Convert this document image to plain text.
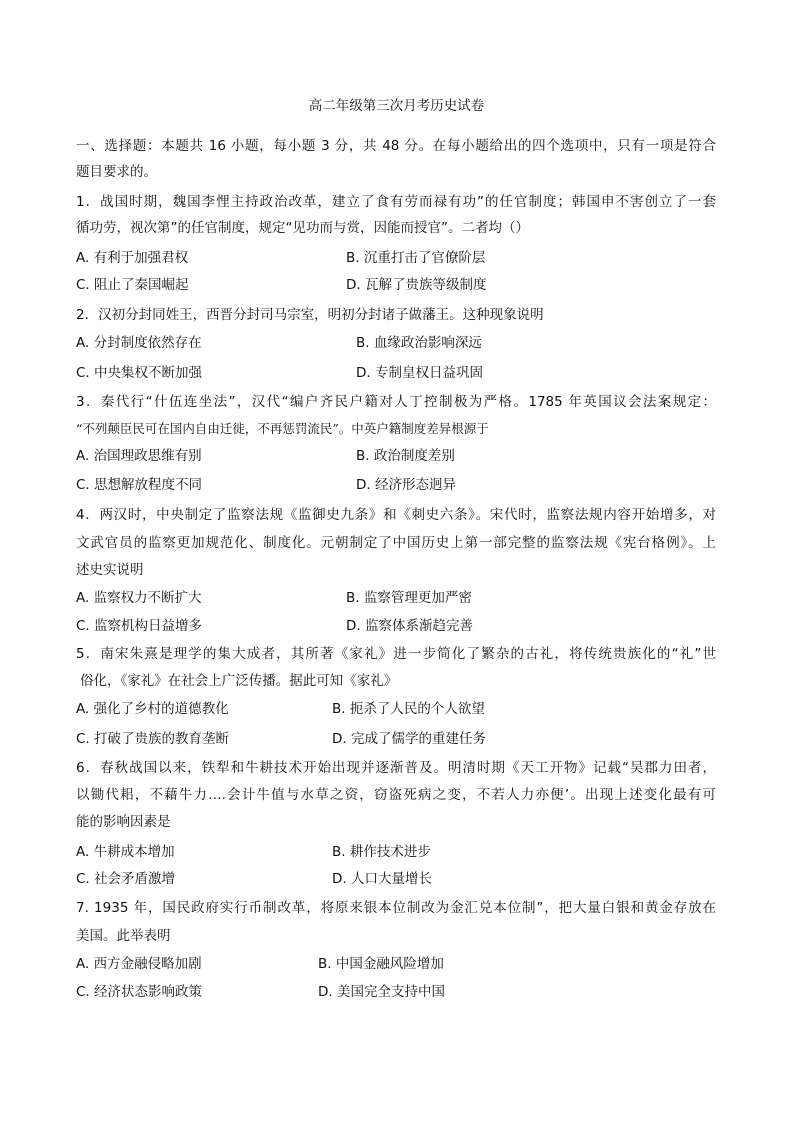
高二年级第三次月考历史试卷
一、选择题：本题共 16 小题，每小题 3 分，共 48 分。在每小题给出的四个选项中，只有一项是符合
题目要求的。
1．战国时期，魏国李悝主持政治改革，建立了食有劳而禄有功”的任官制度；韩国申不害创立了一套
循功劳，视次第”的任官制度，规定“见功而与赏，因能而授官”。二者均（）
A. 有利于加强君权	B. 沉重打击了官僚阶层
C. 阻止了秦国崛起	D. 瓦解了贵族等级制度
2．汉初分封同姓王，西晋分封司马宗室，明初分封诸子做藩王。这种现象说明
A. 分封制度依然存在	B. 血缘政治影响深远
C. 中央集权不断加强	D. 专制皇权日益巩固
3．秦代行“什伍连坐法”，汉代“编户齐民户籍对人丁控制极为严格。1785 年英国议会法案规定：
“不列颠臣民可在国内自由迁徙，不再惩罚流民”。中英户籍制度差异根源于
A. 治国理政思维有别	B. 政治制度差别
C. 思想解放程度不同	D. 经济形态迥异
4．两汉时，中央制定了监察法规《监御史九条》和《刺史六条》。宋代时，监察法规内容开始增多，对
文武官员的监察更加规范化、制度化。元朝制定了中国历史上第一部完整的监察法规《宪台格例》。上
述史实说明
A. 监察权力不断扩大	B. 监察管理更加严密
C. 监察机构日益增多	D. 监察体系渐趋完善
5．南宋朱熹是理学的集大成者，其所著《家礼》进一步简化了繁杂的古礼，将传统贵族化的“礼”世
俗化，《家礼》在社会上广泛传播。据此可知《家礼》
A. 强化了乡村的道德教化	B. 扼杀了人民的个人欲望
C. 打破了贵族的教育垄断	D. 完成了儒学的重建任务
6．春秋战国以来，铁犁和牛耕技术开始出现并逐渐普及。明清时期《天工开物》记载“吴郡力田者，
以锄代耜，不藉牛力….会计牛值与水草之资，窃盗死病之变，不若人力亦便’。出现上述变化最有可
能的影响因素是
A. 牛耕成本增加	B. 耕作技术进步
C. 社会矛盾激增	D. 人口大量增长
7. 1935 年，国民政府实行币制改革，将原来银本位制改为金汇兑本位制”，把大量白银和黄金存放在
美国。此举表明
A. 西方金融侵略加剧	B. 中国金融风险增加
C. 经济状态影响政策	D. 美国完全支持中国
